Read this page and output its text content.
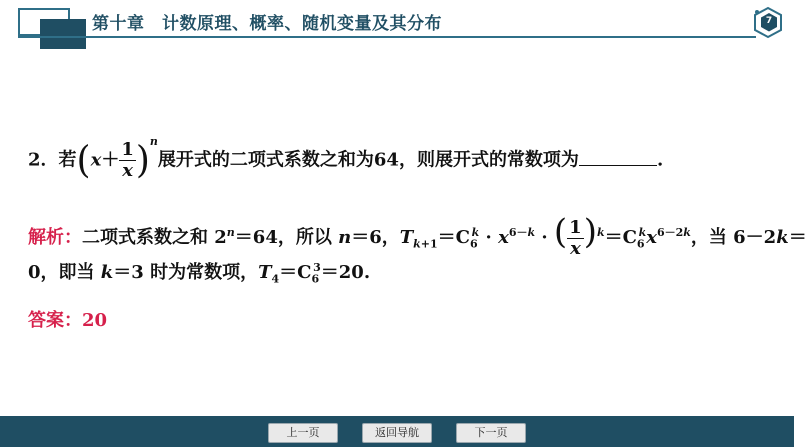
第十章　计数原理、概率、随机变量及其分布	7
2．若$(x+ \frac{1}{x} )^n$展开式的二项式系数之和为64，则展开式的常数项为	.
解析：二项式系数之和 $2^n=64$，所以 n＝6，$T_{k+1}=C_6^k \cdot x^{6-k}$ · ( $\frac{1}{x} )^k=C_6^kx^{6-2k}$，当 6－2k＝
0，即当 k＝3 时为常数项，$T_4=C_6^3=20$.
答案：20
上一页	返回导航	下一页
